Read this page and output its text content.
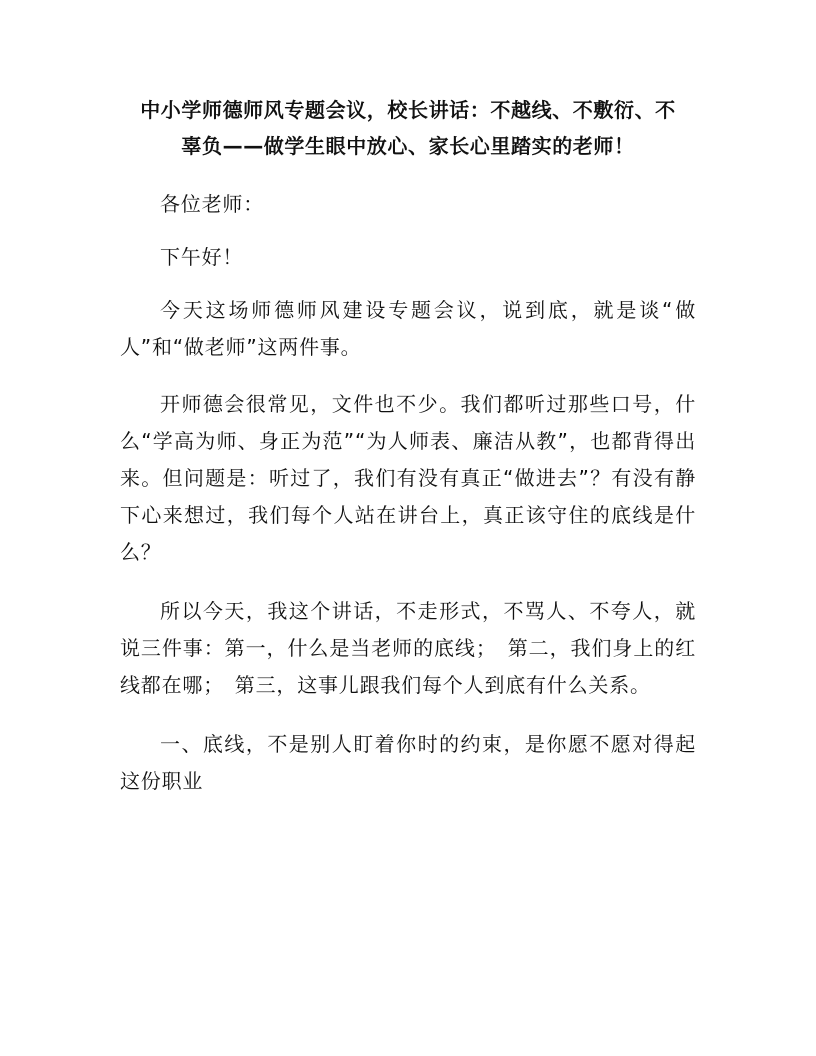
中小学师德师风专题会议，校长讲话：不越线、不敷衍、不
辜负——做学生眼中放心、家长心里踏实的老师！

各位老师：

下午好！

今天这场师德师风建设专题会议，说到底，就是谈“做人”和“做老师”这两件事。

开师德会很常见，文件也不少。我们都听过那些口号，什么“学高为师、身正为范”“为人师表、廉洁从教”，也都背得出来。但问题是：听过了，我们有没有真正“做进去”？有没有静下心来想过，我们每个人站在讲台上，真正该守住的底线是什么？

所以今天，我这个讲话，不走形式，不骂人、不夸人，就说三件事：第一，什么是当老师的底线；　第二，我们身上的红线都在哪；　第三，这事儿跟我们每个人到底有什么关系。

一、底线，不是别人盯着你时的约束，是你愿不愿对得起这份职业
